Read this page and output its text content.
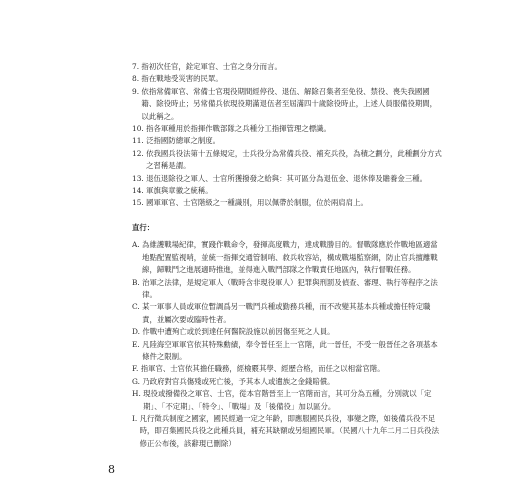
7.
指初次任官，銓定軍官、士官之身分而言。
8.
指在戰地受災害的民眾。
9.
依指常備軍官、常備士官現役期間經停役、退伍、解除召集者至免役、禁役、喪失我國國籍、除役時止；另常備兵依現役期滿退伍者至屆滿四十歲除役時止，上述人員服備役期間，以此稱之。
10.
指各軍種用於指揮作戰部隊之兵種分工指揮管理之標識。
11.
泛指國防總軍之制度。
12.
依我國兵役法第十五條規定，士兵役分為常備兵役、補充兵役，為積之劃分，此種劃分方式之習稱是謂。
13.
退伍退除役之軍人、士官所獲撥發之給與：其可區分為退伍金、退休俸及贍養金三種。
14.
軍旗與章徽之統稱。
15.
國軍軍官、士官階級之一種識別，用以佩帶於制服，位於兩肩肩上。
直行：
A.
為維護戰場紀律，實踐作戰命令，發揮高度戰力，達成戰勝目的。督戰隊應於作戰地區適當地點配置監視哨，並統一指揮交通管制哨、救兵收容站，構成戰場監察網，防止官兵擅離戰線，歸戰鬥之進展適時推進，並得進入戰鬥部隊之作戰責任地區內，執行督戰任務。
B.
治軍之法律，是規定軍人（戰時含非現役軍人）犯罪與刑罰及偵查、審理、執行等程序之法律。
C.
某一軍事人員或軍位暫調爲另一戰鬥兵種或勤務兵種，而不改變其基本兵種或擔任特定職責，並屬次要或臨時性者。
D.
作戰中遭殉亡或於到達任何醫院設施以前因傷至死之人員。
E.
凡陸海空軍軍官依其特殊勳績，奉令晉任至上一官階，此一晉任，不受一般晉任之各項基本條件之限制。
F.
指軍官、士官依其擔任職務，經檢覈其學、經歷合格，而任之以相當官階。
G.
乃政府對官兵傷殘或死亡後，予其本人或遺族之金錢賠償。
H.
現役或撥備役之軍官、士官，從本官階晉至上一官階而言，其可分為五種，分別就以「定期」、「不定期」、「特令」、「戰場」及「後備役」加以區分。
I.
凡行徵兵制度之國家，國民經過一定之年齡，即應服國民兵役，事變之際，如後備兵役不足時，即召集國民兵役之此種兵員，補充其缺額或另組國民軍。（民國八十九年二月二日兵役法修正公布後，該辭現已刪除）
8
